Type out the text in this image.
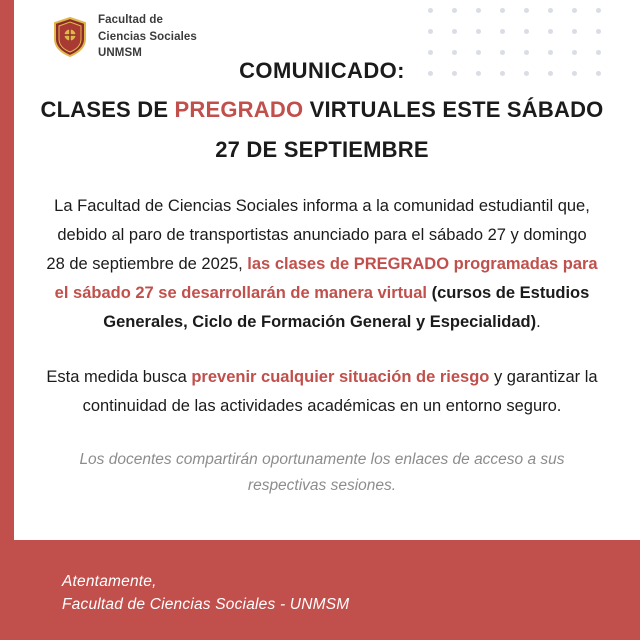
Facultad de
Ciencias Sociales
UNMSM
COMUNICADO:
CLASES DE PREGRADO VIRTUALES ESTE SÁBADO
27 DE SEPTIEMBRE

La Facultad de Ciencias Sociales informa a la comunidad estudiantil que, debido al paro de transportistas anunciado para el sábado 27 y domingo 28 de septiembre de 2025, las clases de PREGRADO programadas para el sábado 27 se desarrollarán de manera virtual (cursos de Estudios Generales, Ciclo de Formación General y Especialidad).

Esta medida busca prevenir cualquier situación de riesgo y garantizar la continuidad de las actividades académicas en un entorno seguro.

Los docentes compartirán oportunamente los enlaces de acceso a sus respectivas sesiones.

Atentamente,
Facultad de Ciencias Sociales - UNMSM
